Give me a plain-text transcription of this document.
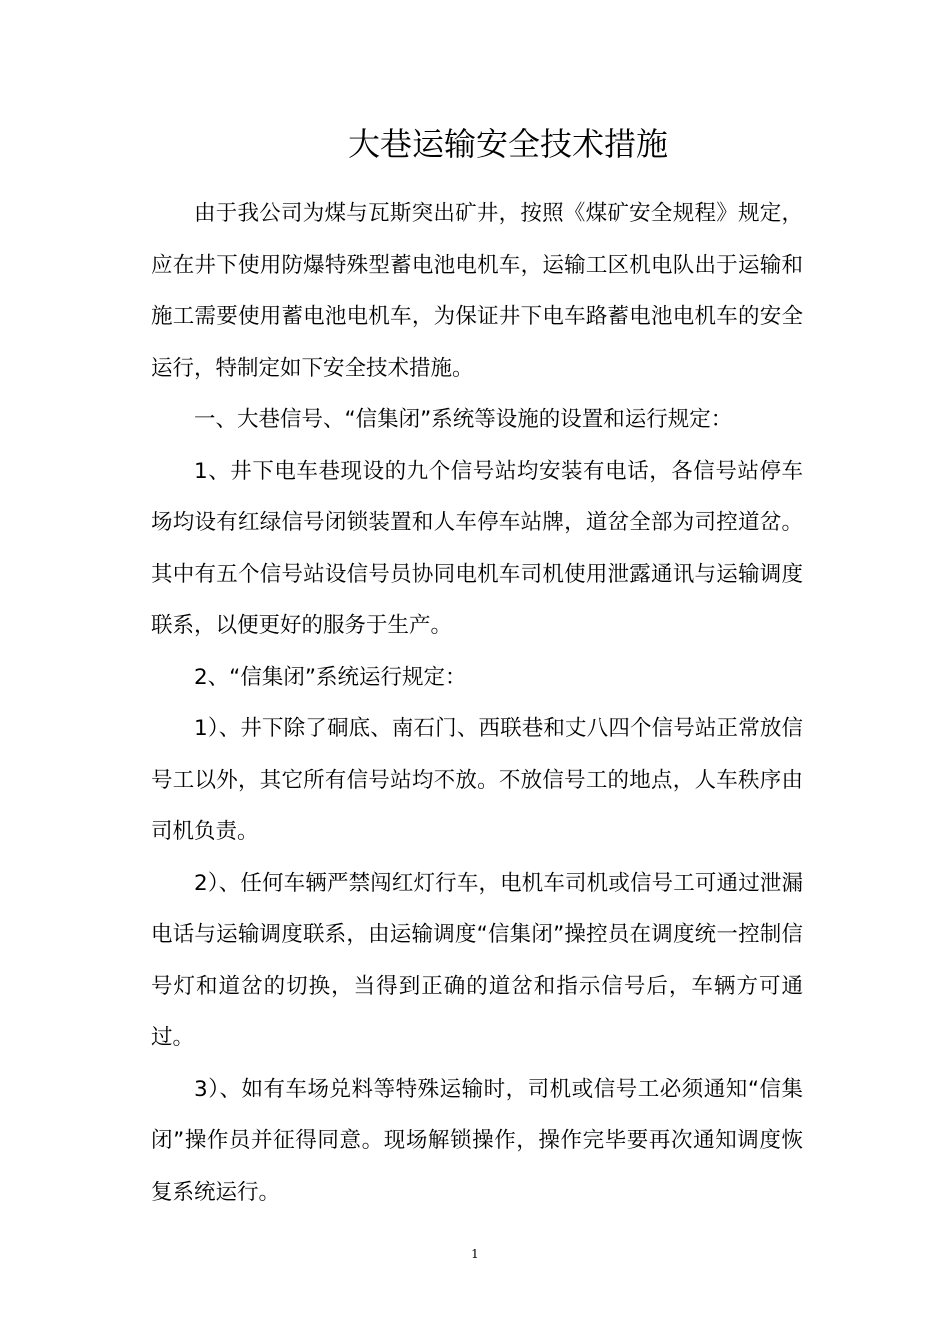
大巷运输安全技术措施

由于我公司为煤与瓦斯突出矿井，按照《煤矿安全规程》规定，应在井下使用防爆特殊型蓄电池电机车，运输工区机电队出于运输和施工需要使用蓄电池电机车，为保证井下电车路蓄电池电机车的安全运行，特制定如下安全技术措施。

一、大巷信号、“信集闭”系统等设施的设置和运行规定：

1、井下电车巷现设的九个信号站均安装有电话，各信号站停车场均设有红绿信号闭锁装置和人车停车站牌，道岔全部为司控道岔。其中有五个信号站设信号员协同电机车司机使用泄露通讯与运输调度联系，以便更好的服务于生产。

2、“信集闭”系统运行规定：

1）、井下除了硐底、南石门、西联巷和丈八四个信号站正常放信号工以外，其它所有信号站均不放。不放信号工的地点，人车秩序由司机负责。

2）、任何车辆严禁闯红灯行车，电机车司机或信号工可通过泄漏电话与运输调度联系，由运输调度“信集闭”操控员在调度统一控制信号灯和道岔的切换，当得到正确的道岔和指示信号后，车辆方可通过。

3）、如有车场兑料等特殊运输时，司机或信号工必须通知“信集闭”操作员并征得同意。现场解锁操作，操作完毕要再次通知调度恢复系统运行。

1
